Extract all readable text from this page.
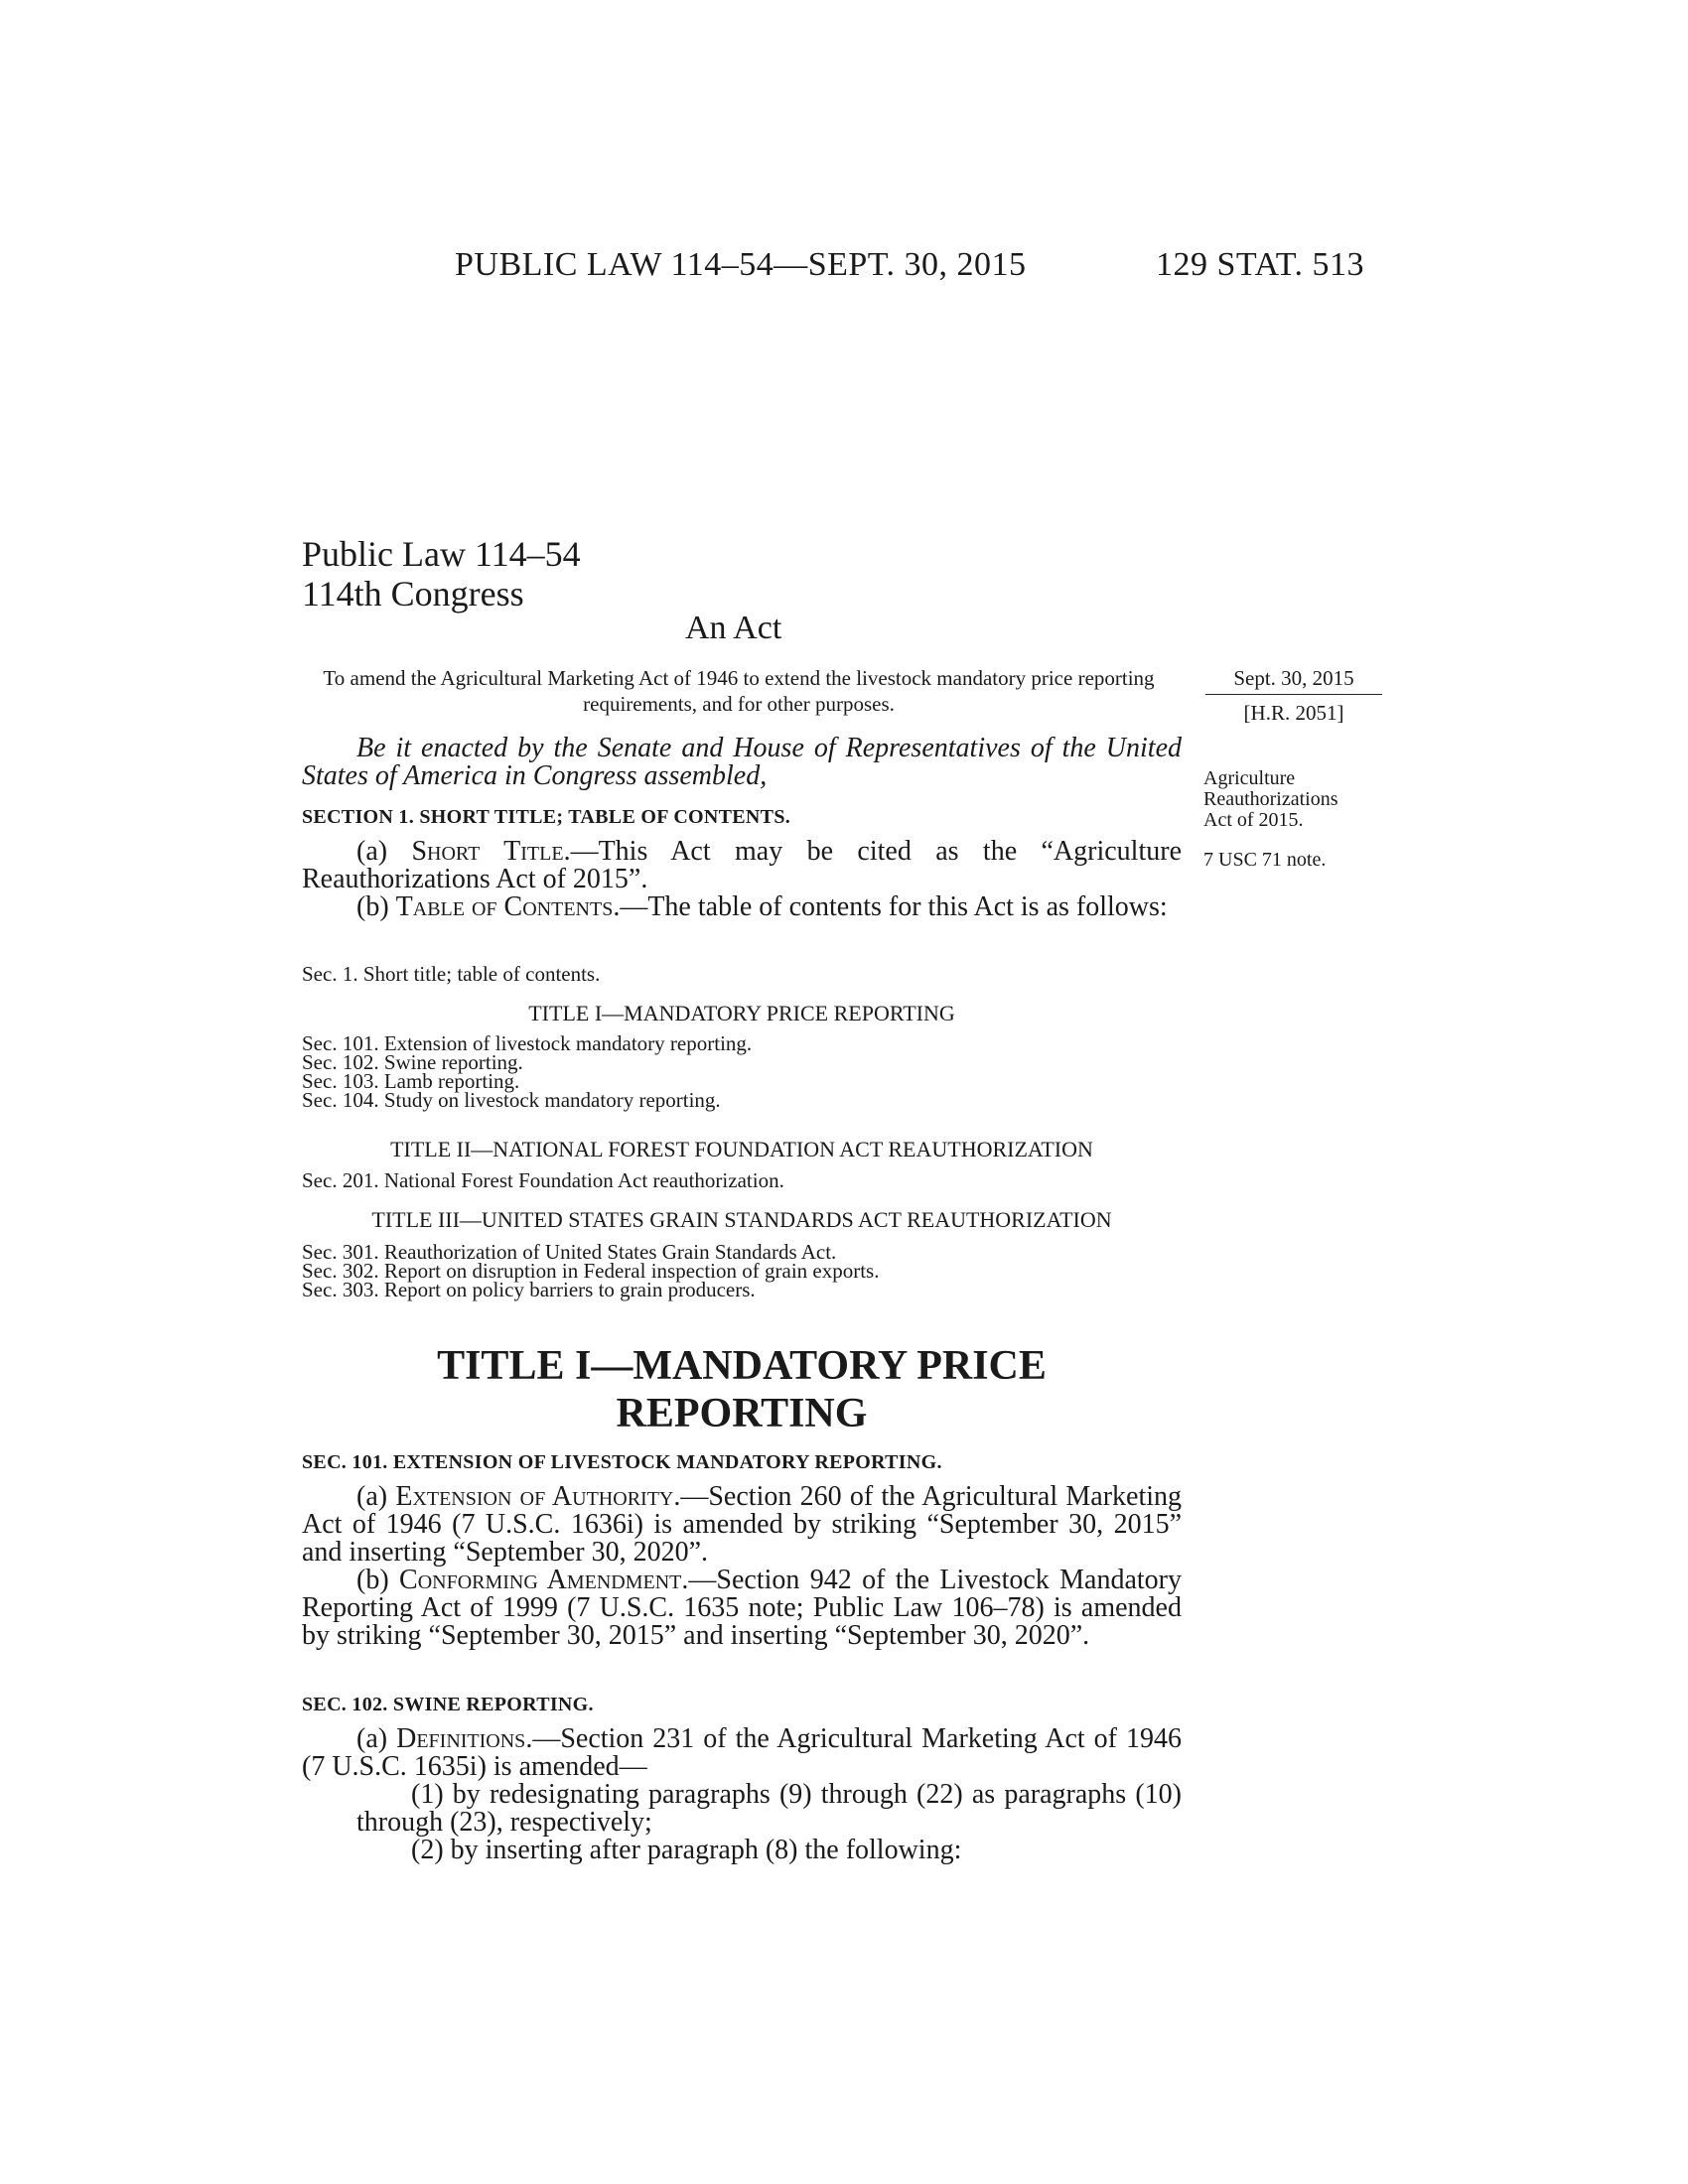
PUBLIC LAW 114–54—SEPT. 30, 2015	129 STAT. 513
Public Law 114–54
114th Congress
An Act
To amend the Agricultural Marketing Act of 1946 to extend the livestock mandatory price reporting requirements, and for other purposes.
Sept. 30, 2015
[H.R. 2051]
Agriculture
Reauthorizations
Act of 2015.
7 USC 71 note.

Be it enacted by the Senate and House of Representatives of the United States of America in Congress assembled,

SECTION 1. SHORT TITLE; TABLE OF CONTENTS.

(a) Short Title.—This Act may be cited as the “Agriculture Reauthorizations Act of 2015”.

(b) Table of Contents.—The table of contents for this Act is as follows:

Sec. 1. Short title; table of contents.
TITLE I—MANDATORY PRICE REPORTING
Sec. 101. Extension of livestock mandatory reporting.
Sec. 102. Swine reporting.
Sec. 103. Lamb reporting.
Sec. 104. Study on livestock mandatory reporting.
TITLE II—NATIONAL FOREST FOUNDATION ACT REAUTHORIZATION
Sec. 201. National Forest Foundation Act reauthorization.
TITLE III—UNITED STATES GRAIN STANDARDS ACT REAUTHORIZATION
Sec. 301. Reauthorization of United States Grain Standards Act.
Sec. 302. Report on disruption in Federal inspection of grain exports.
Sec. 303. Report on policy barriers to grain producers.
TITLE I—MANDATORY PRICE
REPORTING
SEC. 101. EXTENSION OF LIVESTOCK MANDATORY REPORTING.

(a) Extension of Authority.—Section 260 of the Agricultural Marketing Act of 1946 (7 U.S.C. 1636i) is amended by striking “September 30, 2015” and inserting “September 30, 2020”.

(b) Conforming Amendment.—Section 942 of the Livestock Mandatory Reporting Act of 1999 (7 U.S.C. 1635 note; Public Law 106–78) is amended by striking “September 30, 2015” and inserting “September 30, 2020”.

SEC. 102. SWINE REPORTING.

(a) Definitions.—Section 231 of the Agricultural Marketing Act of 1946 (7 U.S.C. 1635i) is amended—

(1) by redesignating paragraphs (9) through (22) as paragraphs (10) through (23), respectively;

(2) by inserting after paragraph (8) the following:
